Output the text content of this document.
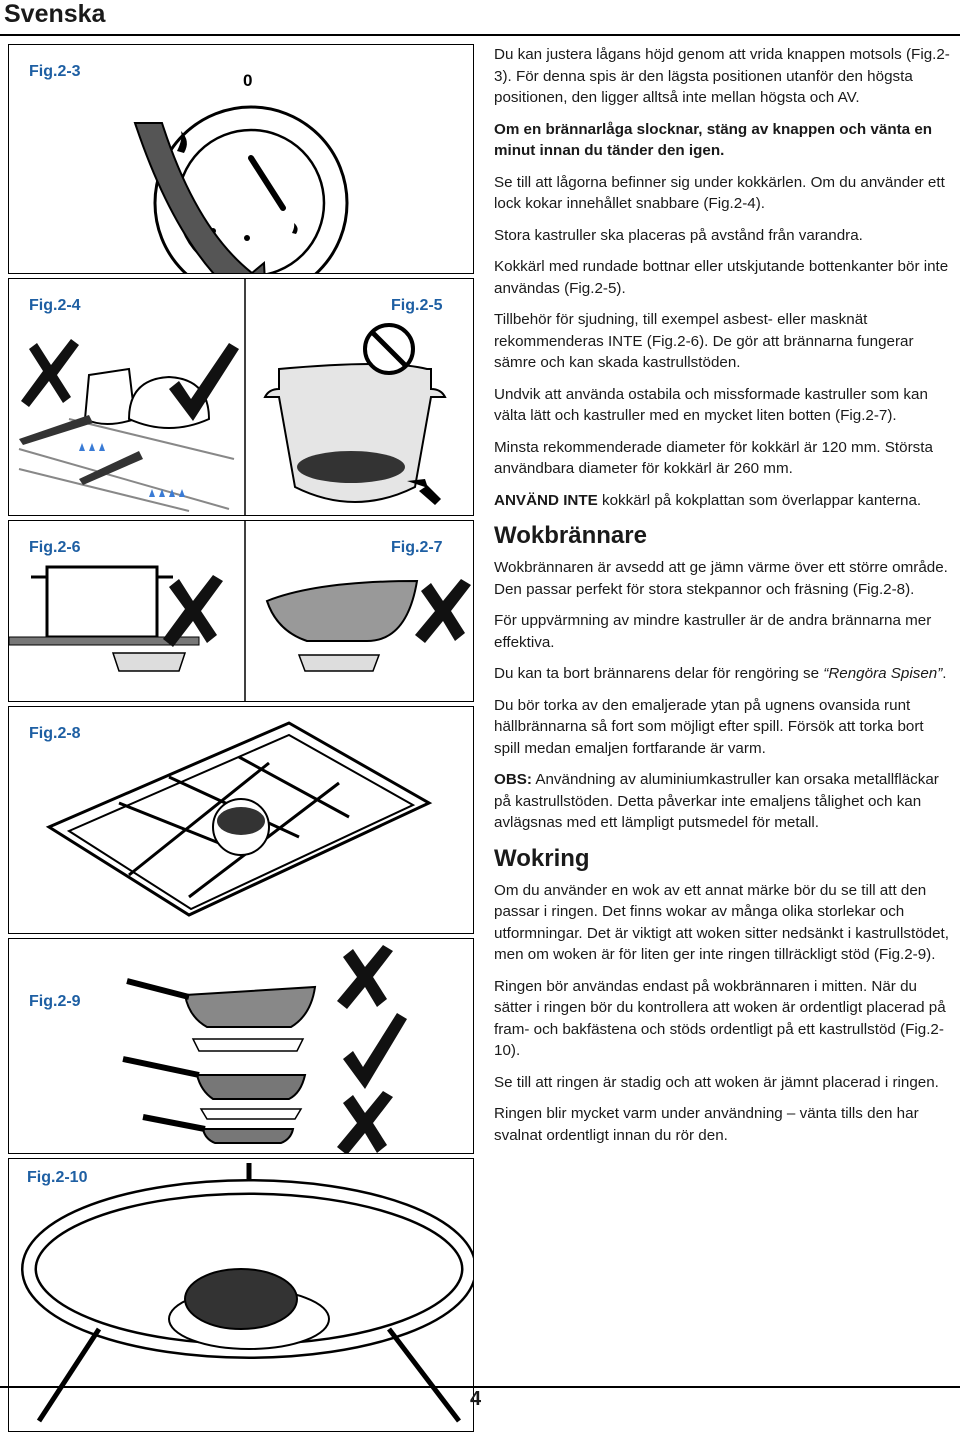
Svenska
Fig.2-3	0
Fig.2-4	Fig.2-5
Fig.2-6	Fig.2-7
Fig.2-8
Fig.2-9
Fig.2-10

Du kan justera lågans höjd genom att vrida knappen motsols (Fig.2-3). För denna spis är den lägsta positionen utanför den högsta positionen, den ligger alltså inte mellan högsta och AV.

Om en brännarlåga slocknar, stäng av knappen och vänta en minut innan du tänder den igen.

Se till att lågorna befinner sig under kokkärlen. Om du använder ett lock kokar innehållet snabbare (Fig.2-4).

Stora kastruller ska placeras på avstånd från varandra.

Kokkärl med rundade bottnar eller utskjutande bottenkanter bör inte användas (Fig.2-5).

Tillbehör för sjudning, till exempel asbest- eller masknät rekommenderas INTE (Fig.2-6). De gör att brännarna fungerar sämre och kan skada kastrullstöden.

Undvik att använda ostabila och missformade kastruller som kan välta lätt och kastruller med en mycket liten botten (Fig.2-7).

Minsta rekommenderade diameter för kokkärl är 120 mm. Största användbara diameter för kokkärl är 260 mm.

ANVÄND INTE kokkärl på kokplattan som överlappar kanterna.

Wokbrännare

Wokbrännaren är avsedd att ge jämn värme över ett större område. Den passar perfekt för stora stekpannor och fräsning (Fig.2-8).

För uppvärmning av mindre kastruller är de andra brännarna mer effektiva.

Du kan ta bort brännarens delar för rengöring se “Rengöra Spisen”.

Du bör torka av den emaljerade ytan på ugnens ovansida runt hällbrännarna så fort som möjligt efter spill. Försök att torka bort spill medan emaljen fortfarande är varm.

OBS: Användning av aluminiumkastruller kan orsaka metallfläckar på kastrullstöden. Detta påverkar inte emaljens tålighet och kan avlägsnas med ett lämpligt putsmedel för metall.

Wokring

Om du använder en wok av ett annat märke bör du se till att den passar i ringen. Det finns wokar av många olika storlekar och utformningar. Det är viktigt att woken sitter nedsänkt i kastrullstödet, men om woken är för liten ger inte ringen tillräckligt stöd (Fig.2-9).

Ringen bör användas endast på wokbrännaren i mitten. När du sätter i ringen bör du kontrollera att woken är ordentligt placerad på fram- och bakfästena och stöds ordentligt på ett kastrullstöd (Fig.2-10).

Se till att ringen är stadig och att woken är jämnt placerad i ringen.

Ringen blir mycket varm under användning – vänta tills den har svalnat ordentligt innan du rör den.

4
